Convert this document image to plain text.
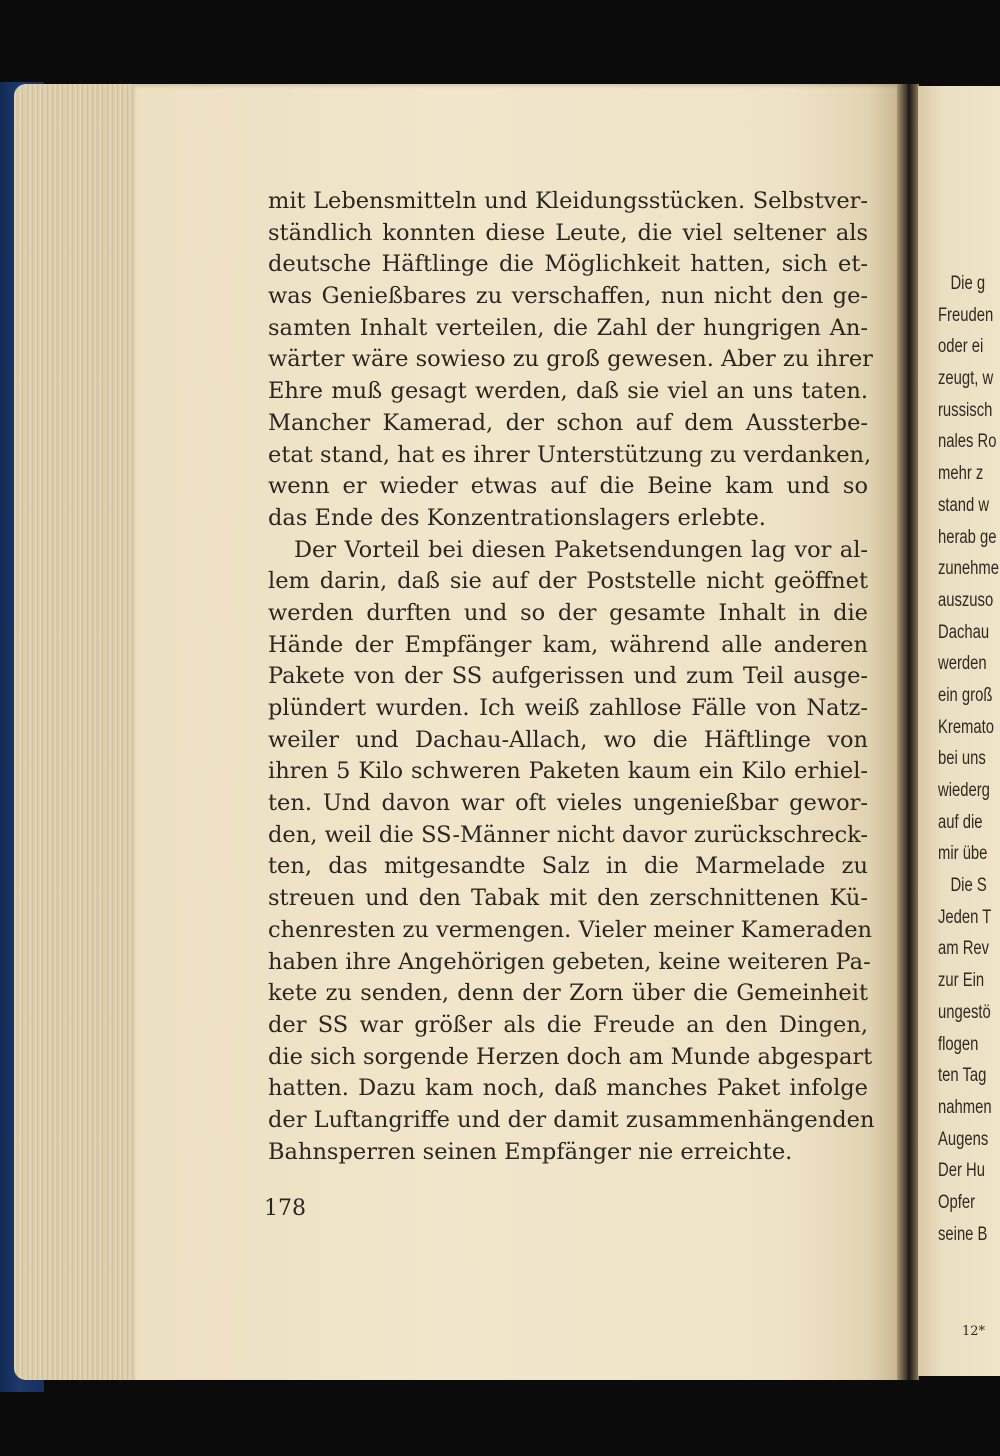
Die g
Freuden
oder ei
zeugt, w
russisch
nales Ro
mehr z
stand w
herab ge
zunehme
auszuso
Dachau
werden
ein groß
Kremato
bei uns
wiederg
auf die
mir übe
Die S
Jeden T
am Rev
zur Ein
ungestö
flogen
ten Tag
nahmen
Augens
Der Hu
Opfer
seine B
12*
mit Lebensmitteln und Kleidungsstücken. Selbstver-
ständlich konnten diese Leute, die viel seltener als
deutsche Häftlinge die Möglichkeit hatten, sich et-
was Genießbares zu verschaffen, nun nicht den ge-
samten Inhalt verteilen, die Zahl der hungrigen An-
wärter wäre sowieso zu groß gewesen. Aber zu ihrer
Ehre muß gesagt werden, daß sie viel an uns taten.
Mancher Kamerad, der schon auf dem Aussterbe-
etat stand, hat es ihrer Unterstützung zu verdanken,
wenn er wieder etwas auf die Beine kam und so
das Ende des Konzentrationslagers erlebte.
Der Vorteil bei diesen Paketsendungen lag vor al-
lem darin, daß sie auf der Poststelle nicht geöffnet
werden durften und so der gesamte Inhalt in die
Hände der Empfänger kam, während alle anderen
Pakete von der SS aufgerissen und zum Teil ausge-
plündert wurden. Ich weiß zahllose Fälle von Natz-
weiler und Dachau-Allach, wo die Häftlinge von
ihren 5 Kilo schweren Paketen kaum ein Kilo erhiel-
ten. Und davon war oft vieles ungenießbar gewor-
den, weil die SS-Männer nicht davor zurückschreck-
ten, das mitgesandte Salz in die Marmelade zu
streuen und den Tabak mit den zerschnittenen Kü-
chenresten zu vermengen. Vieler meiner Kameraden
haben ihre Angehörigen gebeten, keine weiteren Pa-
kete zu senden, denn der Zorn über die Gemeinheit
der SS war größer als die Freude an den Dingen,
die sich sorgende Herzen doch am Munde abgespart
hatten. Dazu kam noch, daß manches Paket infolge
der Luftangriffe und der damit zusammenhängenden
Bahnsperren seinen Empfänger nie erreichte.
178
